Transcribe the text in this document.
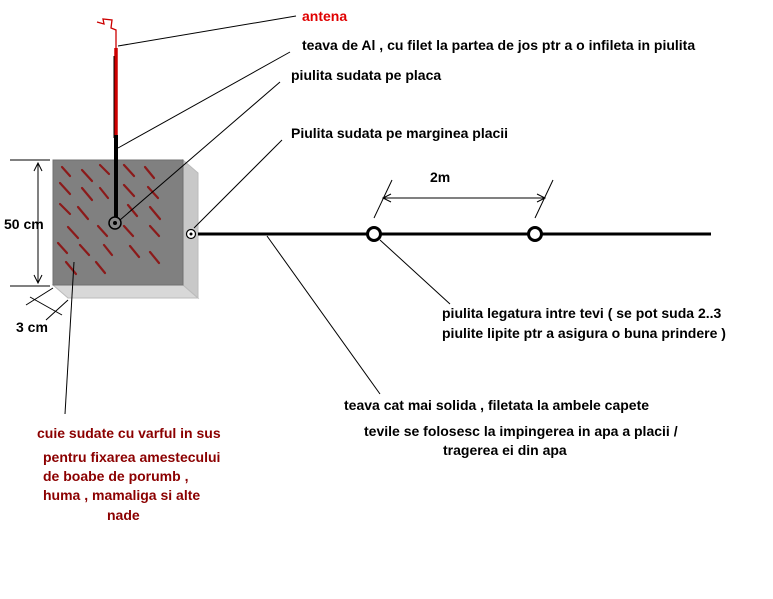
2m
50 cm
3 cm
antena
teava de Al , cu filet la partea de jos ptr a o infileta in piulita
piulita sudata pe placa
Piulita sudata pe marginea placii
piulita legatura intre tevi ( se pot suda 2..3
piulite lipite ptr a asigura o buna prindere )
teava cat mai solida , filetata la ambele capete
tevile se folosesc la impingerea in apa a placii /
tragerea ei din apa
cuie sudate cu varful in sus
pentru fixarea amestecului
de boabe de porumb ,
huma , mamaliga si alte
nade
